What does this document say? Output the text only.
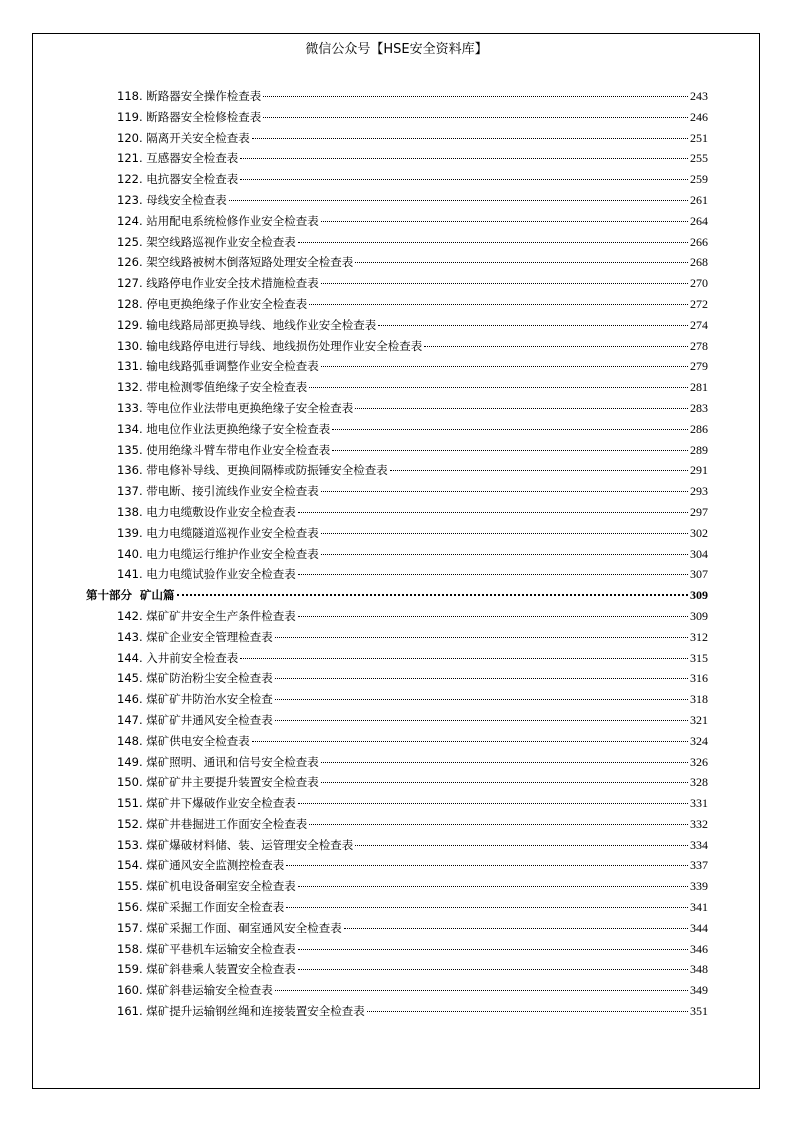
微信公众号【HSE安全资料库】
118. 断路器安全操作检查表	243
119. 断路器安全检修检查表	246
120. 隔离开关安全检查表	251
121. 互感器安全检查表	255
122. 电抗器安全检查表	259
123. 母线安全检查表	261
124. 站用配电系统检修作业安全检查表	264
125. 架空线路巡视作业安全检查表	266
126. 架空线路被树木倒落短路处理安全检查表	268
127. 线路停电作业安全技术措施检查表	270
128. 停电更换绝缘子作业安全检查表	272
129. 输电线路局部更换导线、地线作业安全检查表	274
130. 输电线路停电进行导线、地线损伤处理作业安全检查表	278
131. 输电线路弧垂调整作业安全检查表	279
132. 带电检测零值绝缘子安全检查表	281
133. 等电位作业法带电更换绝缘子安全检查表	283
134. 地电位作业法更换绝缘子安全检查表	286
135. 使用绝缘斗臂车带电作业安全检查表	289
136. 带电修补导线、更换间隔棒或防振锤安全检查表	291
137. 带电断、接引流线作业安全检查表	293
138. 电力电缆敷设作业安全检查表	297
139. 电力电缆隧道巡视作业安全检查表	302
140. 电力电缆运行维护作业安全检查表	304
141. 电力电缆试验作业安全检查表	307
第十部分 矿山篇	309
142. 煤矿矿井安全生产条件检查表	309
143. 煤矿企业安全管理检查表	312
144. 入井前安全检查表	315
145. 煤矿防治粉尘安全检查表	316
146. 煤矿矿井防治水安全检查	318
147. 煤矿矿井通风安全检查表	321
148. 煤矿供电安全检查表	324
149. 煤矿照明、通讯和信号安全检查表	326
150. 煤矿矿井主要提升装置安全检查表	328
151. 煤矿井下爆破作业安全检查表	331
152. 煤矿井巷掘进工作面安全检查表	332
153. 煤矿爆破材料储、装、运管理安全检查表	334
154. 煤矿通风安全监测控检查表	337
155. 煤矿机电设备硐室安全检查表	339
156. 煤矿采掘工作面安全检查表	341
157. 煤矿采掘工作面、硐室通风安全检查表	344
158. 煤矿平巷机车运输安全检查表	346
159. 煤矿斜巷乘人装置安全检查表	348
160. 煤矿斜巷运输安全检查表	349
161. 煤矿提升运输钢丝绳和连接装置安全检查表	351
